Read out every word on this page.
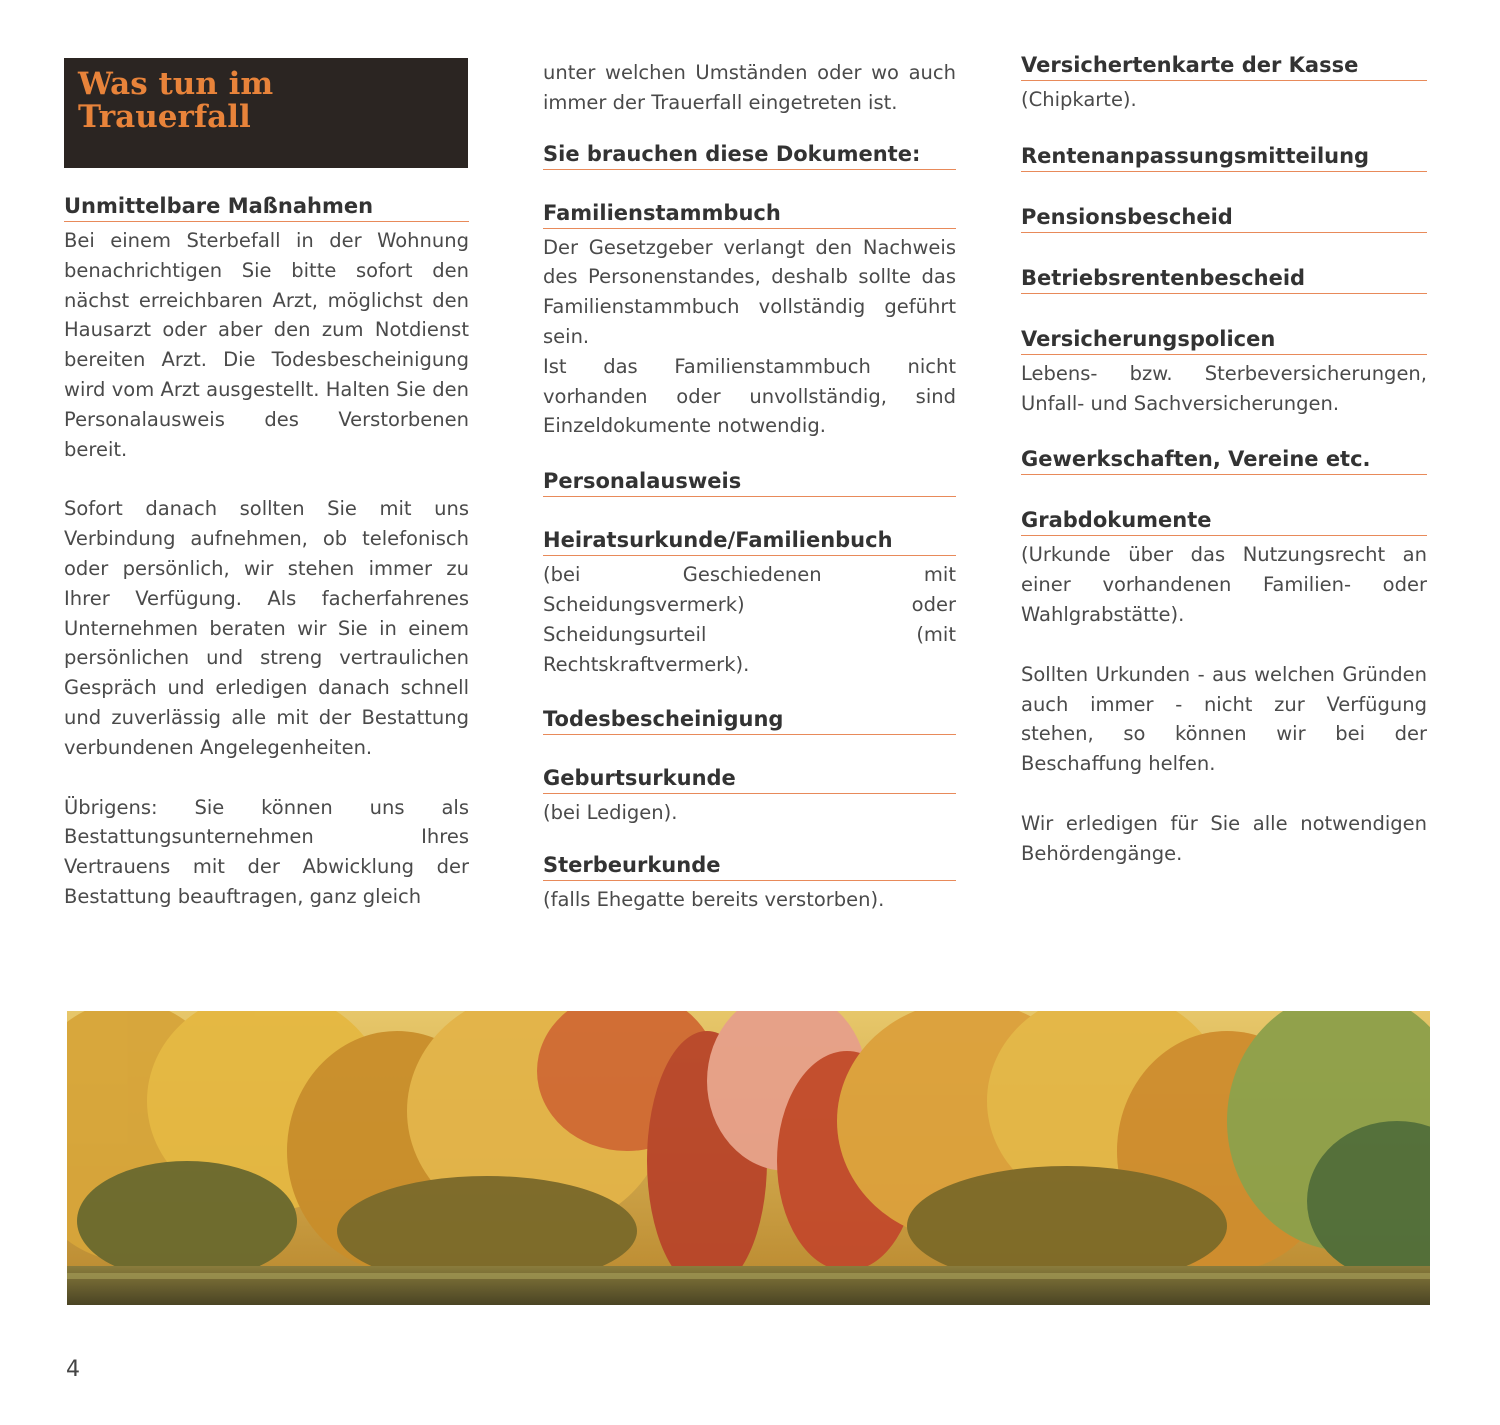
Was tun im
Trauerfall
Unmittelbare Maßnahmen

Bei einem Sterbefall in der Wohnung benachrichtigen Sie bitte sofort den nächst erreichbaren Arzt, möglichst den Hausarzt oder aber den zum Notdienst bereiten Arzt. Die Todesbescheinigung wird vom Arzt ausgestellt. Halten Sie den Personalausweis des Verstorbenen bereit.

Sofort danach sollten Sie mit uns Verbindung aufnehmen, ob telefonisch oder persönlich, wir stehen immer zu Ihrer Verfügung. Als facherfahrenes Unternehmen beraten wir Sie in einem persönlichen und streng vertraulichen Gespräch und erledigen danach schnell und zuverlässig alle mit der Bestattung verbundenen Angelegenheiten.

Übrigens: Sie können uns als Bestattungsunternehmen Ihres Vertrauens mit der Abwicklung der Bestattung beauftragen, ganz gleich

unter welchen Umständen oder wo auch immer der Trauerfall eingetreten ist.

Sie brauchen diese Dokumente:
Familienstammbuch

Der Gesetzgeber verlangt den Nachweis des Personenstandes, deshalb sollte das Familienstammbuch vollständig geführt sein.

Ist das Familienstammbuch nicht vorhanden oder unvollständig, sind Einzeldokumente notwendig.

Personalausweis
Heiratsurkunde/Familienbuch

(bei Geschiedenen mit Scheidungsvermerk) oder Scheidungsurteil (mit Rechtskraftvermerk).

Todesbescheinigung
Geburtsurkunde

(bei Ledigen).

Sterbeurkunde

(falls Ehegatte bereits verstorben).

Versichertenkarte der Kasse

(Chipkarte).

Rentenanpassungsmitteilung
Pensionsbescheid
Betriebsrentenbescheid
Versicherungspolicen

Lebens- bzw. Sterbeversicherungen, Unfall- und Sachversicherungen.

Gewerkschaften, Vereine etc.
Grabdokumente

(Urkunde über das Nutzungsrecht an einer vorhandenen Familien- oder Wahlgrabstätte).

Sollten Urkunden - aus welchen Gründen auch immer - nicht zur Verfügung stehen, so können wir bei der Beschaffung helfen.

Wir erledigen für Sie alle notwendigen Behördengänge.

4
